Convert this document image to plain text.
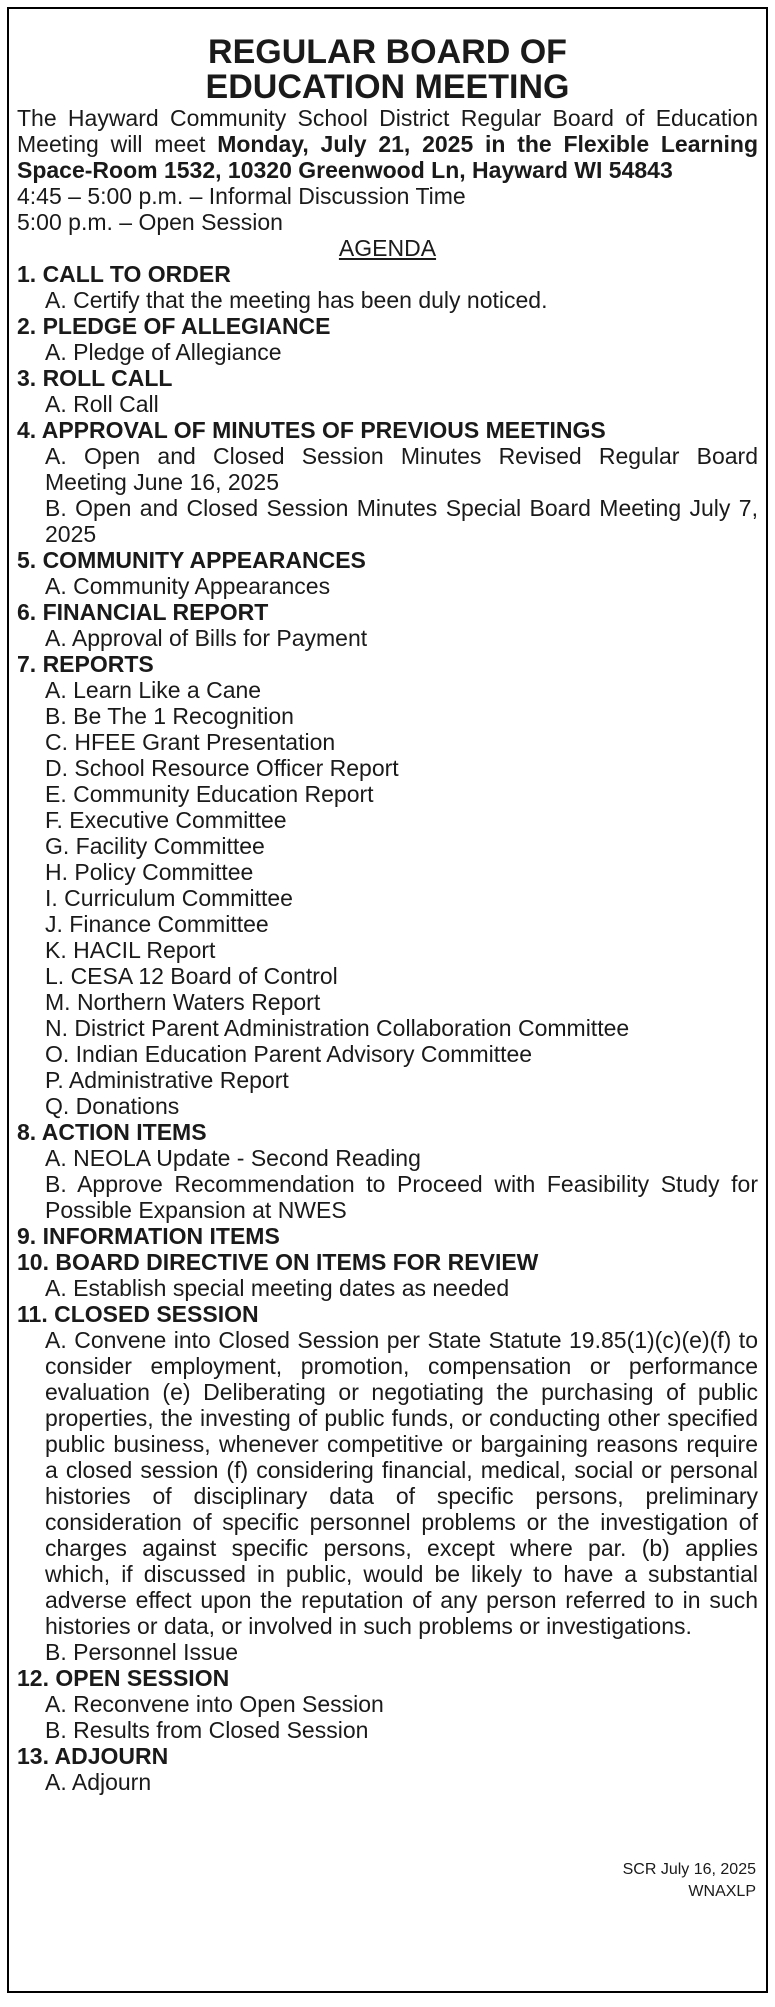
REGULAR BOARD OF
EDUCATION MEETING

The Hayward Community School District Regular Board of Education Meeting will meet Monday, July 21, 2025 in the Flexible Learning Space-Room 1532, 10320 Greenwood Ln, Hayward WI 54843

4:45 – 5:00 p.m. – Informal Discussion Time

5:00 p.m. – Open Session

AGENDA

1. CALL TO ORDER

A. Certify that the meeting has been duly noticed.

2. PLEDGE OF ALLEGIANCE

A. Pledge of Allegiance

3. ROLL CALL

A. Roll Call

4. APPROVAL OF MINUTES OF PREVIOUS MEETINGS

A. Open and Closed Session Minutes Revised Regular Board Meeting June 16, 2025

B. Open and Closed Session Minutes Special Board Meeting July 7, 2025

5. COMMUNITY APPEARANCES

A. Community Appearances

6. FINANCIAL REPORT

A. Approval of Bills for Payment

7. REPORTS

A. Learn Like a Cane

B. Be The 1 Recognition

C. HFEE Grant Presentation

D. School Resource Officer Report

E. Community Education Report

F. Executive Committee

G. Facility Committee

H. Policy Committee

I. Curriculum Committee

J. Finance Committee

K. HACIL Report

L. CESA 12 Board of Control

M. Northern Waters Report

N. District Parent Administration Collaboration Committee

O. Indian Education Parent Advisory Committee

P. Administrative Report

Q. Donations

8. ACTION ITEMS

A. NEOLA Update - Second Reading

B. Approve Recommendation to Proceed with Feasibility Study for Possible Expansion at NWES

9. INFORMATION ITEMS

10. BOARD DIRECTIVE ON ITEMS FOR REVIEW

A. Establish special meeting dates as needed

11. CLOSED SESSION

A. Convene into Closed Session per State Statute 19.85(1)(c)(e)(f) to consider employment, promotion, compensation or performance evaluation (e) Deliberating or negotiating the purchasing of public properties, the investing of public funds, or conducting other specified public business, whenever competitive or bargaining reasons require a closed session (f) considering financial, medical, social or personal histories of disciplinary data of specific persons, preliminary consideration of specific personnel problems or the investigation of charges against specific persons, except where par. (b) applies which, if discussed in public, would be likely to have a substantial adverse effect upon the reputation of any person referred to in such histories or data, or involved in such problems or investigations.

B. Personnel Issue

12. OPEN SESSION

A. Reconvene into Open Session

B. Results from Closed Session

13. ADJOURN

A. Adjourn

SCR July 16, 2025
WNAXLP
